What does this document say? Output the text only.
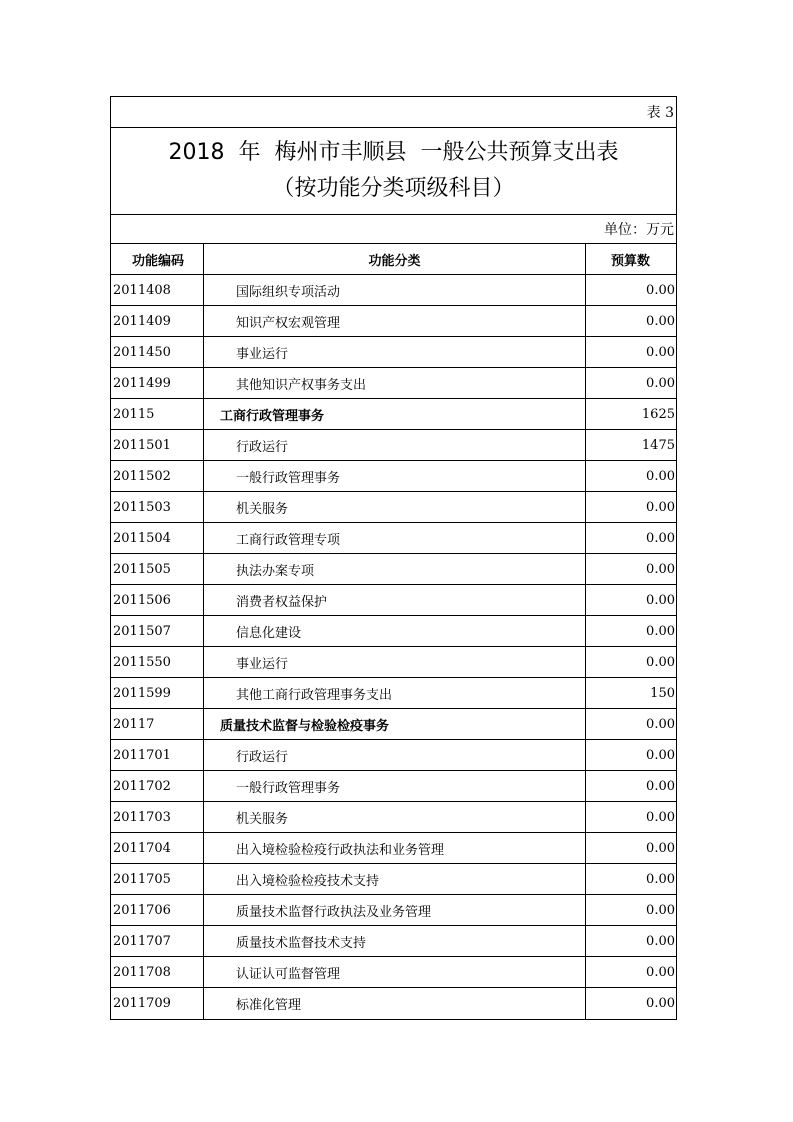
表 3
2018  年  梅州市丰顺县  一般公共预算支出表
（按功能分类项级科目）
单位：万元
功能编码	功能分类	预算数
2011408	国际组织专项活动	0.00
2011409	知识产权宏观管理	0.00
2011450	事业运行	0.00
2011499	其他知识产权事务支出	0.00
20115	工商行政管理事务	1625
2011501	行政运行	1475
2011502	一般行政管理事务	0.00
2011503	机关服务	0.00
2011504	工商行政管理专项	0.00
2011505	执法办案专项	0.00
2011506	消费者权益保护	0.00
2011507	信息化建设	0.00
2011550	事业运行	0.00
2011599	其他工商行政管理事务支出	150
20117	质量技术监督与检验检疫事务	0.00
2011701	行政运行	0.00
2011702	一般行政管理事务	0.00
2011703	机关服务	0.00
2011704	出入境检验检疫行政执法和业务管理	0.00
2011705	出入境检验检疫技术支持	0.00
2011706	质量技术监督行政执法及业务管理	0.00
2011707	质量技术监督技术支持	0.00
2011708	认证认可监督管理	0.00
2011709	标准化管理	0.00
